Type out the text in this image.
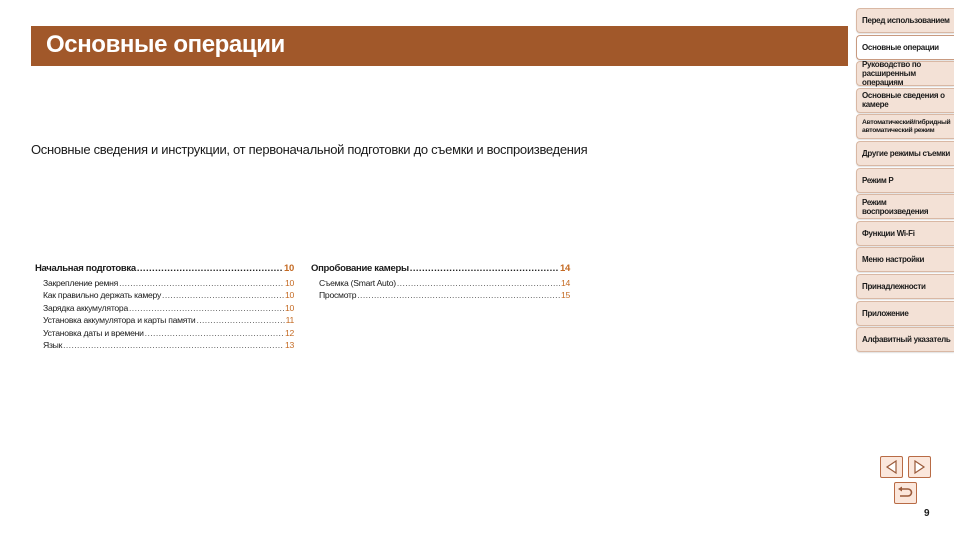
Основные операции
Основные сведения и инструкции, от первоначальной подготовки до съемки и воспроизведения
Начальная подготовка .....	10
Закрепление ремня .....	10
Как правильно держать камеру .....	10
Зарядка аккумулятора .....	10
Установка аккумулятора и карты памяти .....	11
Установка даты и времени .....	12
Язык .....	13
Опробование камеры .....	14
Съемка (Smart Auto) .....	14
Просмотр .....	15
Перед использованием
Основные операции
Руководство по расширенным операциям
Основные сведения о камере
Автоматический/гибридный автоматический режим
Другие режимы съемки
Режим P
Режим воспроизведения
Функции Wi-Fi
Меню настройки
Принадлежности
Приложение
Алфавитный указатель
9
